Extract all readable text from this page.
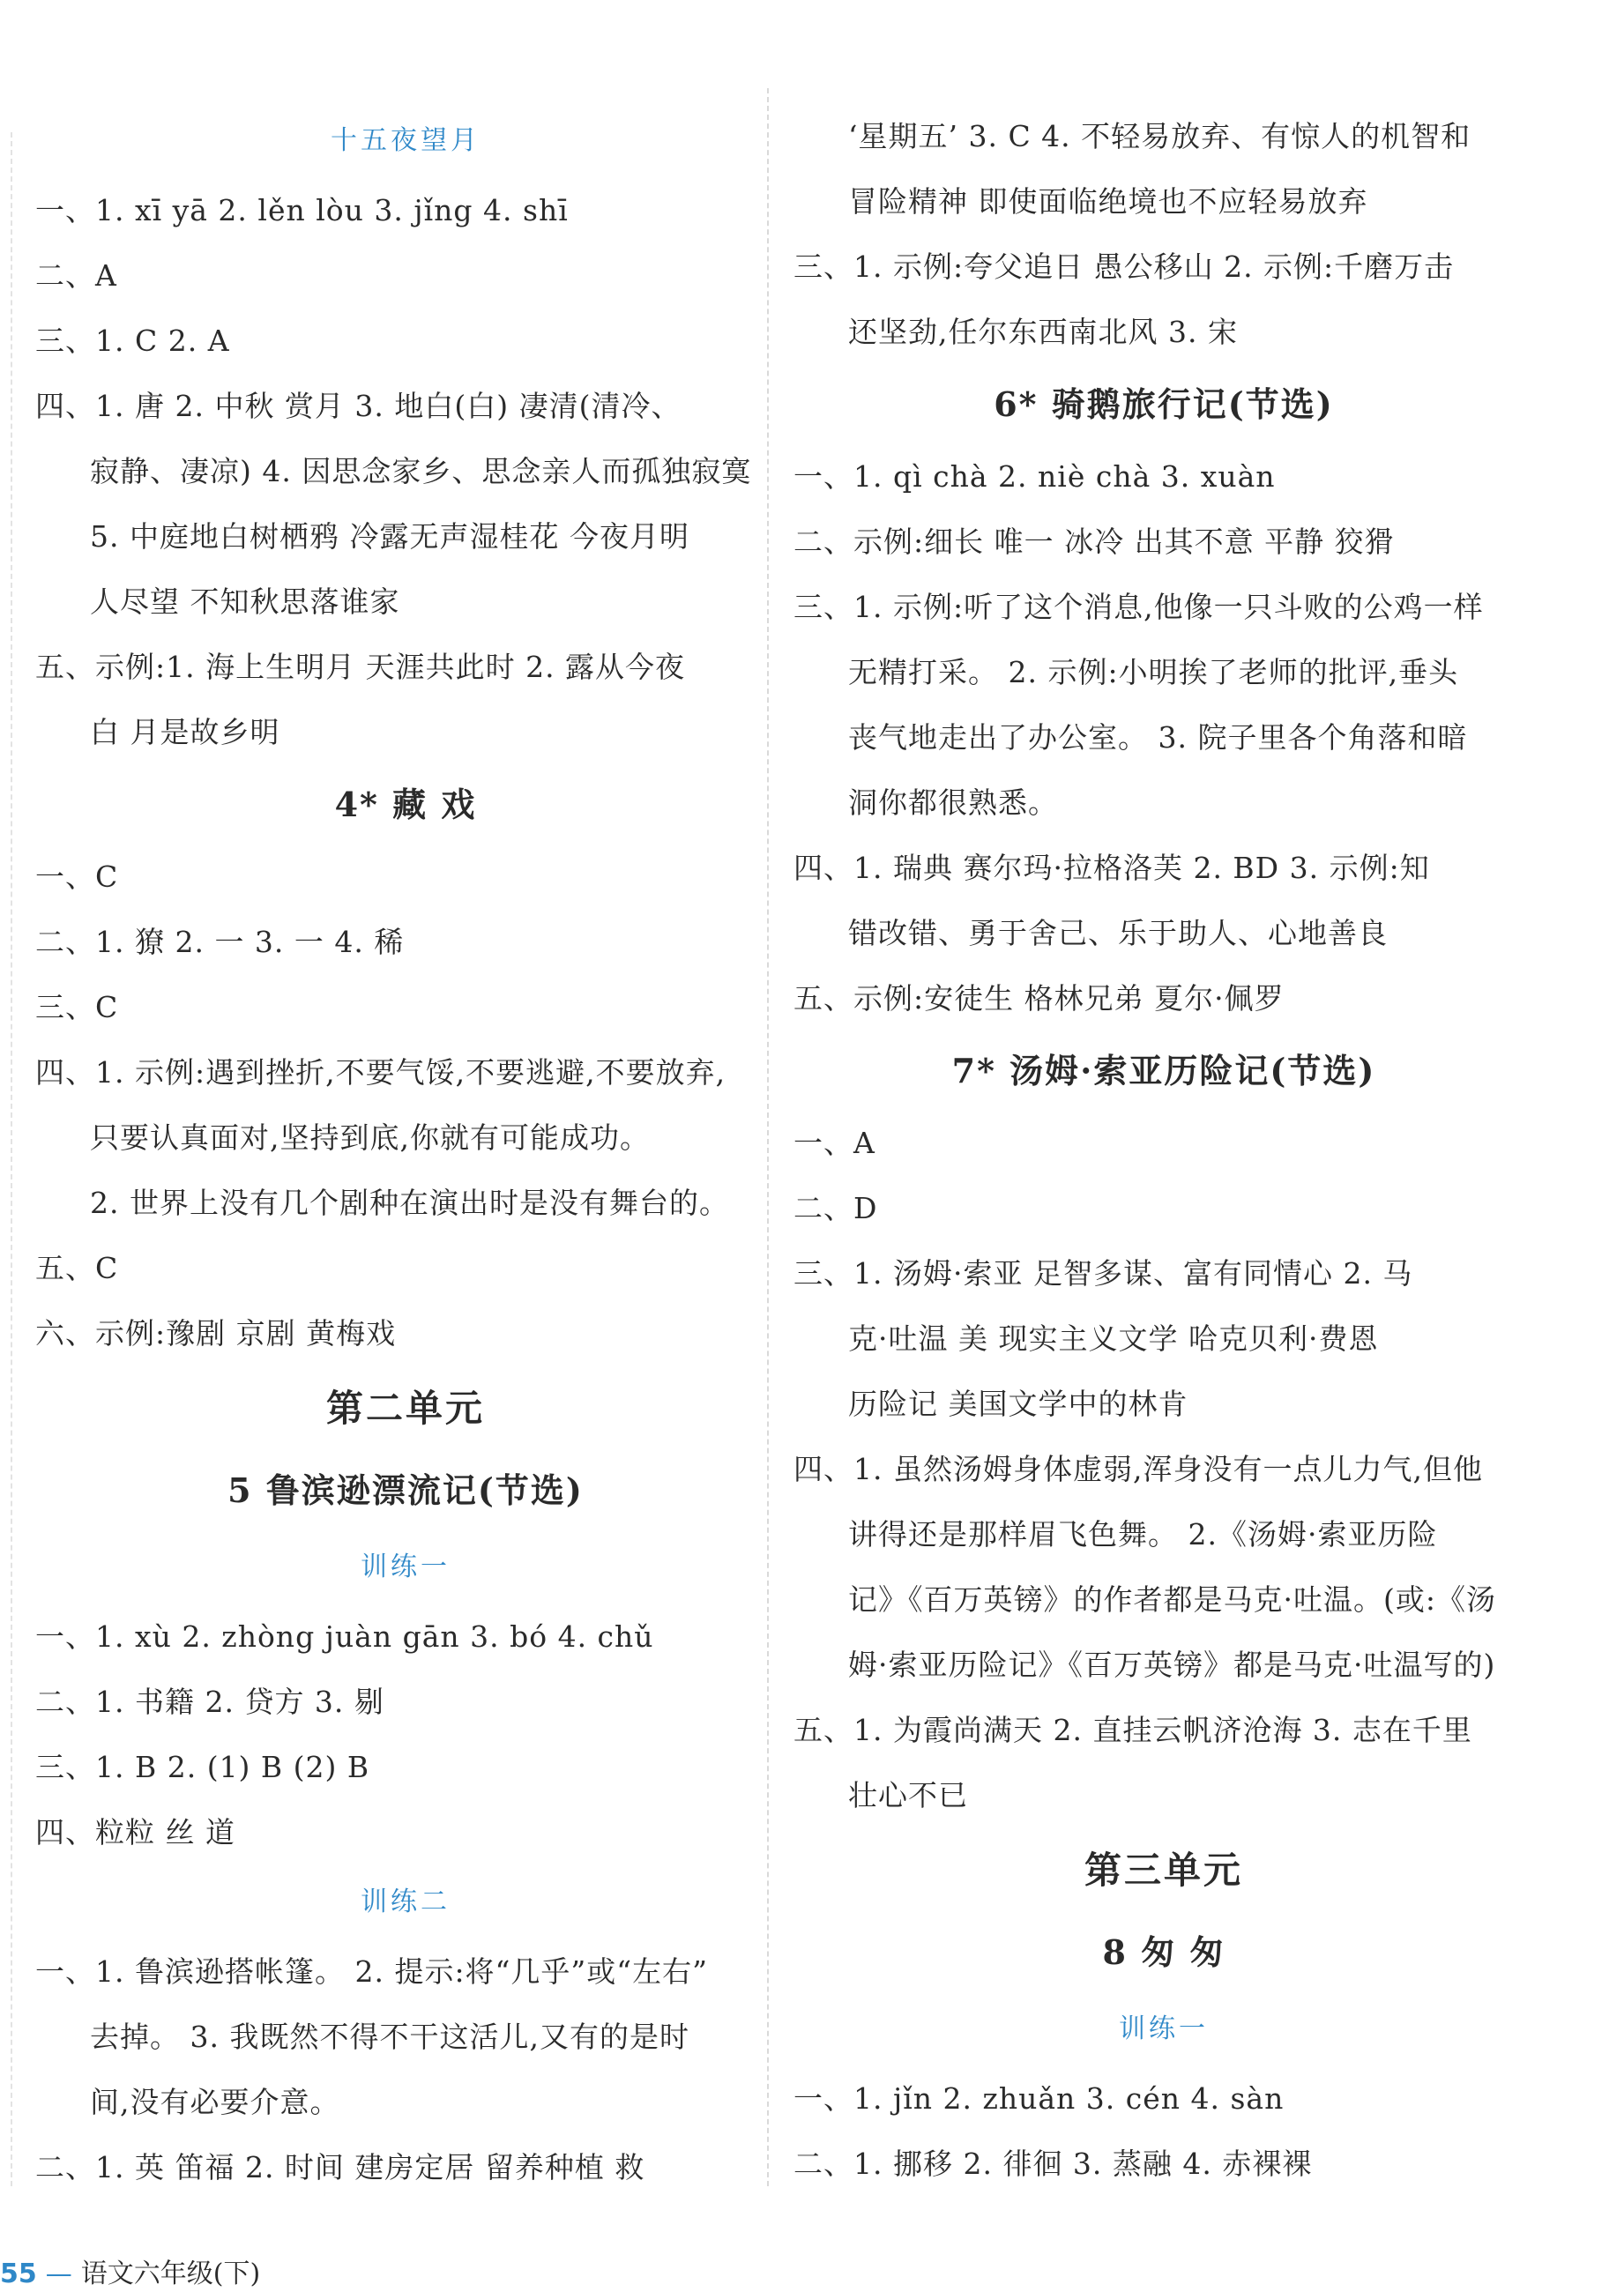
十五夜望月
一、1. xī yā 2. lěn lòu 3. jǐng 4. shī
二、A
三、1. C 2. A
四、1. 唐 2. 中秋 赏月 3. 地白(白) 凄清(清冷、
寂静、凄凉) 4. 因思念家乡、思念亲人而孤独寂寞
5. 中庭地白树栖鸦 冷露无声湿桂花 今夜月明
人尽望 不知秋思落谁家
五、示例:1. 海上生明月 天涯共此时 2. 露从今夜
白 月是故乡明
4* 藏 戏
一、C
二、1. 獠 2. 一 3. 一 4. 稀
三、C
四、1. 示例:遇到挫折,不要气馁,不要逃避,不要放弃,
只要认真面对,坚持到底,你就有可能成功。
2. 世界上没有几个剧种在演出时是没有舞台的。
五、C
六、示例:豫剧 京剧 黄梅戏
第二单元
5 鲁滨逊漂流记(节选)
训练一
一、1. xù 2. zhòng juàn gān 3. bó 4. chǔ
二、1. 书籍 2. 贷方 3. 剔
三、1. B 2. (1) B (2) B
四、粒粒 丝 道
训练二
一、1. 鲁滨逊搭帐篷。 2. 提示:将“几乎”或“左右”
去掉。 3. 我既然不得不干这活儿,又有的是时
间,没有必要介意。
二、1. 英 笛福 2. 时间 建房定居 留养种植 救
‘星期五’ 3. C 4. 不轻易放弃、有惊人的机智和
冒险精神 即使面临绝境也不应轻易放弃
三、1. 示例:夸父追日 愚公移山 2. 示例:千磨万击
还坚劲,任尔东西南北风 3. 宋
6* 骑鹅旅行记(节选)
一、1. qì chà 2. niè chà 3. xuàn
二、示例:细长 唯一 冰冷 出其不意 平静 狡猾
三、1. 示例:听了这个消息,他像一只斗败的公鸡一样
无精打采。 2. 示例:小明挨了老师的批评,垂头
丧气地走出了办公室。 3. 院子里各个角落和暗
洞你都很熟悉。
四、1. 瑞典 赛尔玛·拉格洛芙 2. BD 3. 示例:知
错改错、勇于舍己、乐于助人、心地善良
五、示例:安徒生 格林兄弟 夏尔·佩罗
7* 汤姆·索亚历险记(节选)
一、A
二、D
三、1. 汤姆·索亚 足智多谋、富有同情心 2. 马
克·吐温 美 现实主义文学 哈克贝利·费恩
历险记 美国文学中的林肯
四、1. 虽然汤姆身体虚弱,浑身没有一点儿力气,但他
讲得还是那样眉飞色舞。 2.《汤姆·索亚历险
记》《百万英镑》的作者都是马克·吐温。(或:《汤
姆·索亚历险记》《百万英镑》都是马克·吐温写的)
五、1. 为霞尚满天 2. 直挂云帆济沧海 3. 志在千里
壮心不已
第三单元
8 匆 匆
训练一
一、1. jǐn 2. zhuǎn 3. cén 4. sàn
二、1. 挪移 2. 徘徊 3. 蒸融 4. 赤裸裸
55 — 语文六年级(下)
